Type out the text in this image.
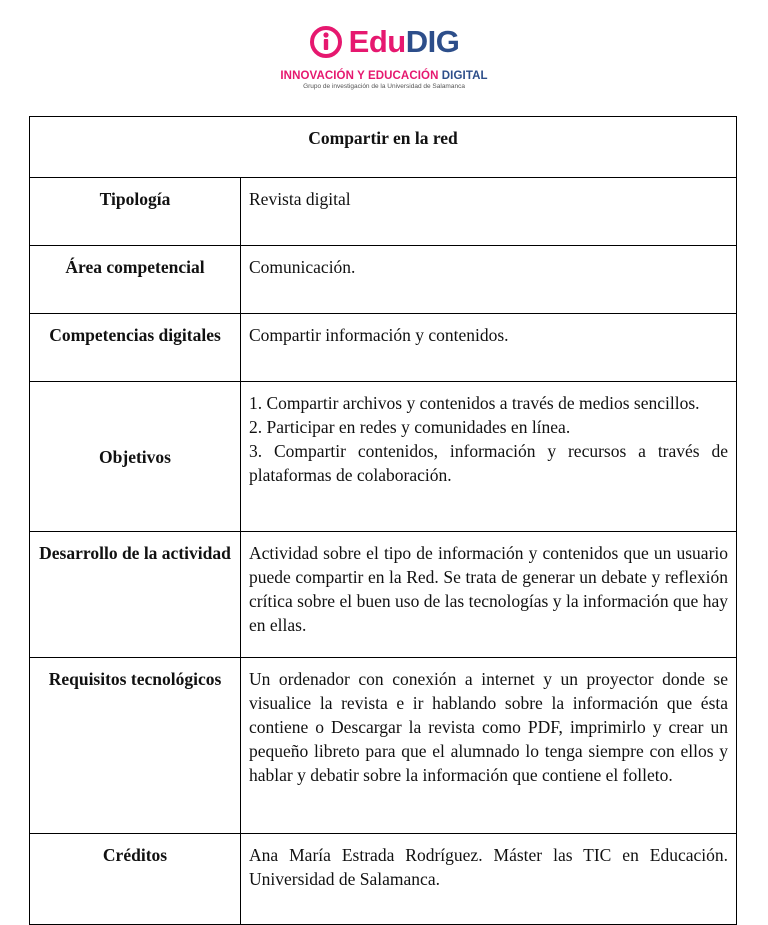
EduDIG
INNOVACIÓN Y EDUCACIÓN DIGITAL
Grupo de investigación de la Universidad de Salamanca
Compartir en la red	

Tipología	Revista digital
Área competencial	Comunicación.
Competencias digitales	Compartir información y contenidos.
Objetivos	1. Compartir archivos y contenidos a través de medios sencillos.
2. Participar en redes y comunidades en línea.
3. Compartir contenidos, información y recursos a través de plataformas de colaboración.

Desarrollo de la actividad	Actividad sobre el tipo de información y contenidos que un usuario puede compartir en la Red. Se trata de generar un debate y reflexión crítica sobre el buen uso de las tecnologías y la información que hay en ellas.
Requisitos tecnológicos	Un ordenador con conexión a internet y un proyector donde se visualice la revista e ir hablando sobre la información que ésta contiene o Descargar la revista como PDF, imprimirlo y crear un pequeño libreto para que el alumnado lo tenga siempre con ellos y hablar y debatir sobre la información que contiene el folleto.
Créditos	Ana María Estrada Rodríguez. Máster las TIC en Educación. Universidad de Salamanca.
